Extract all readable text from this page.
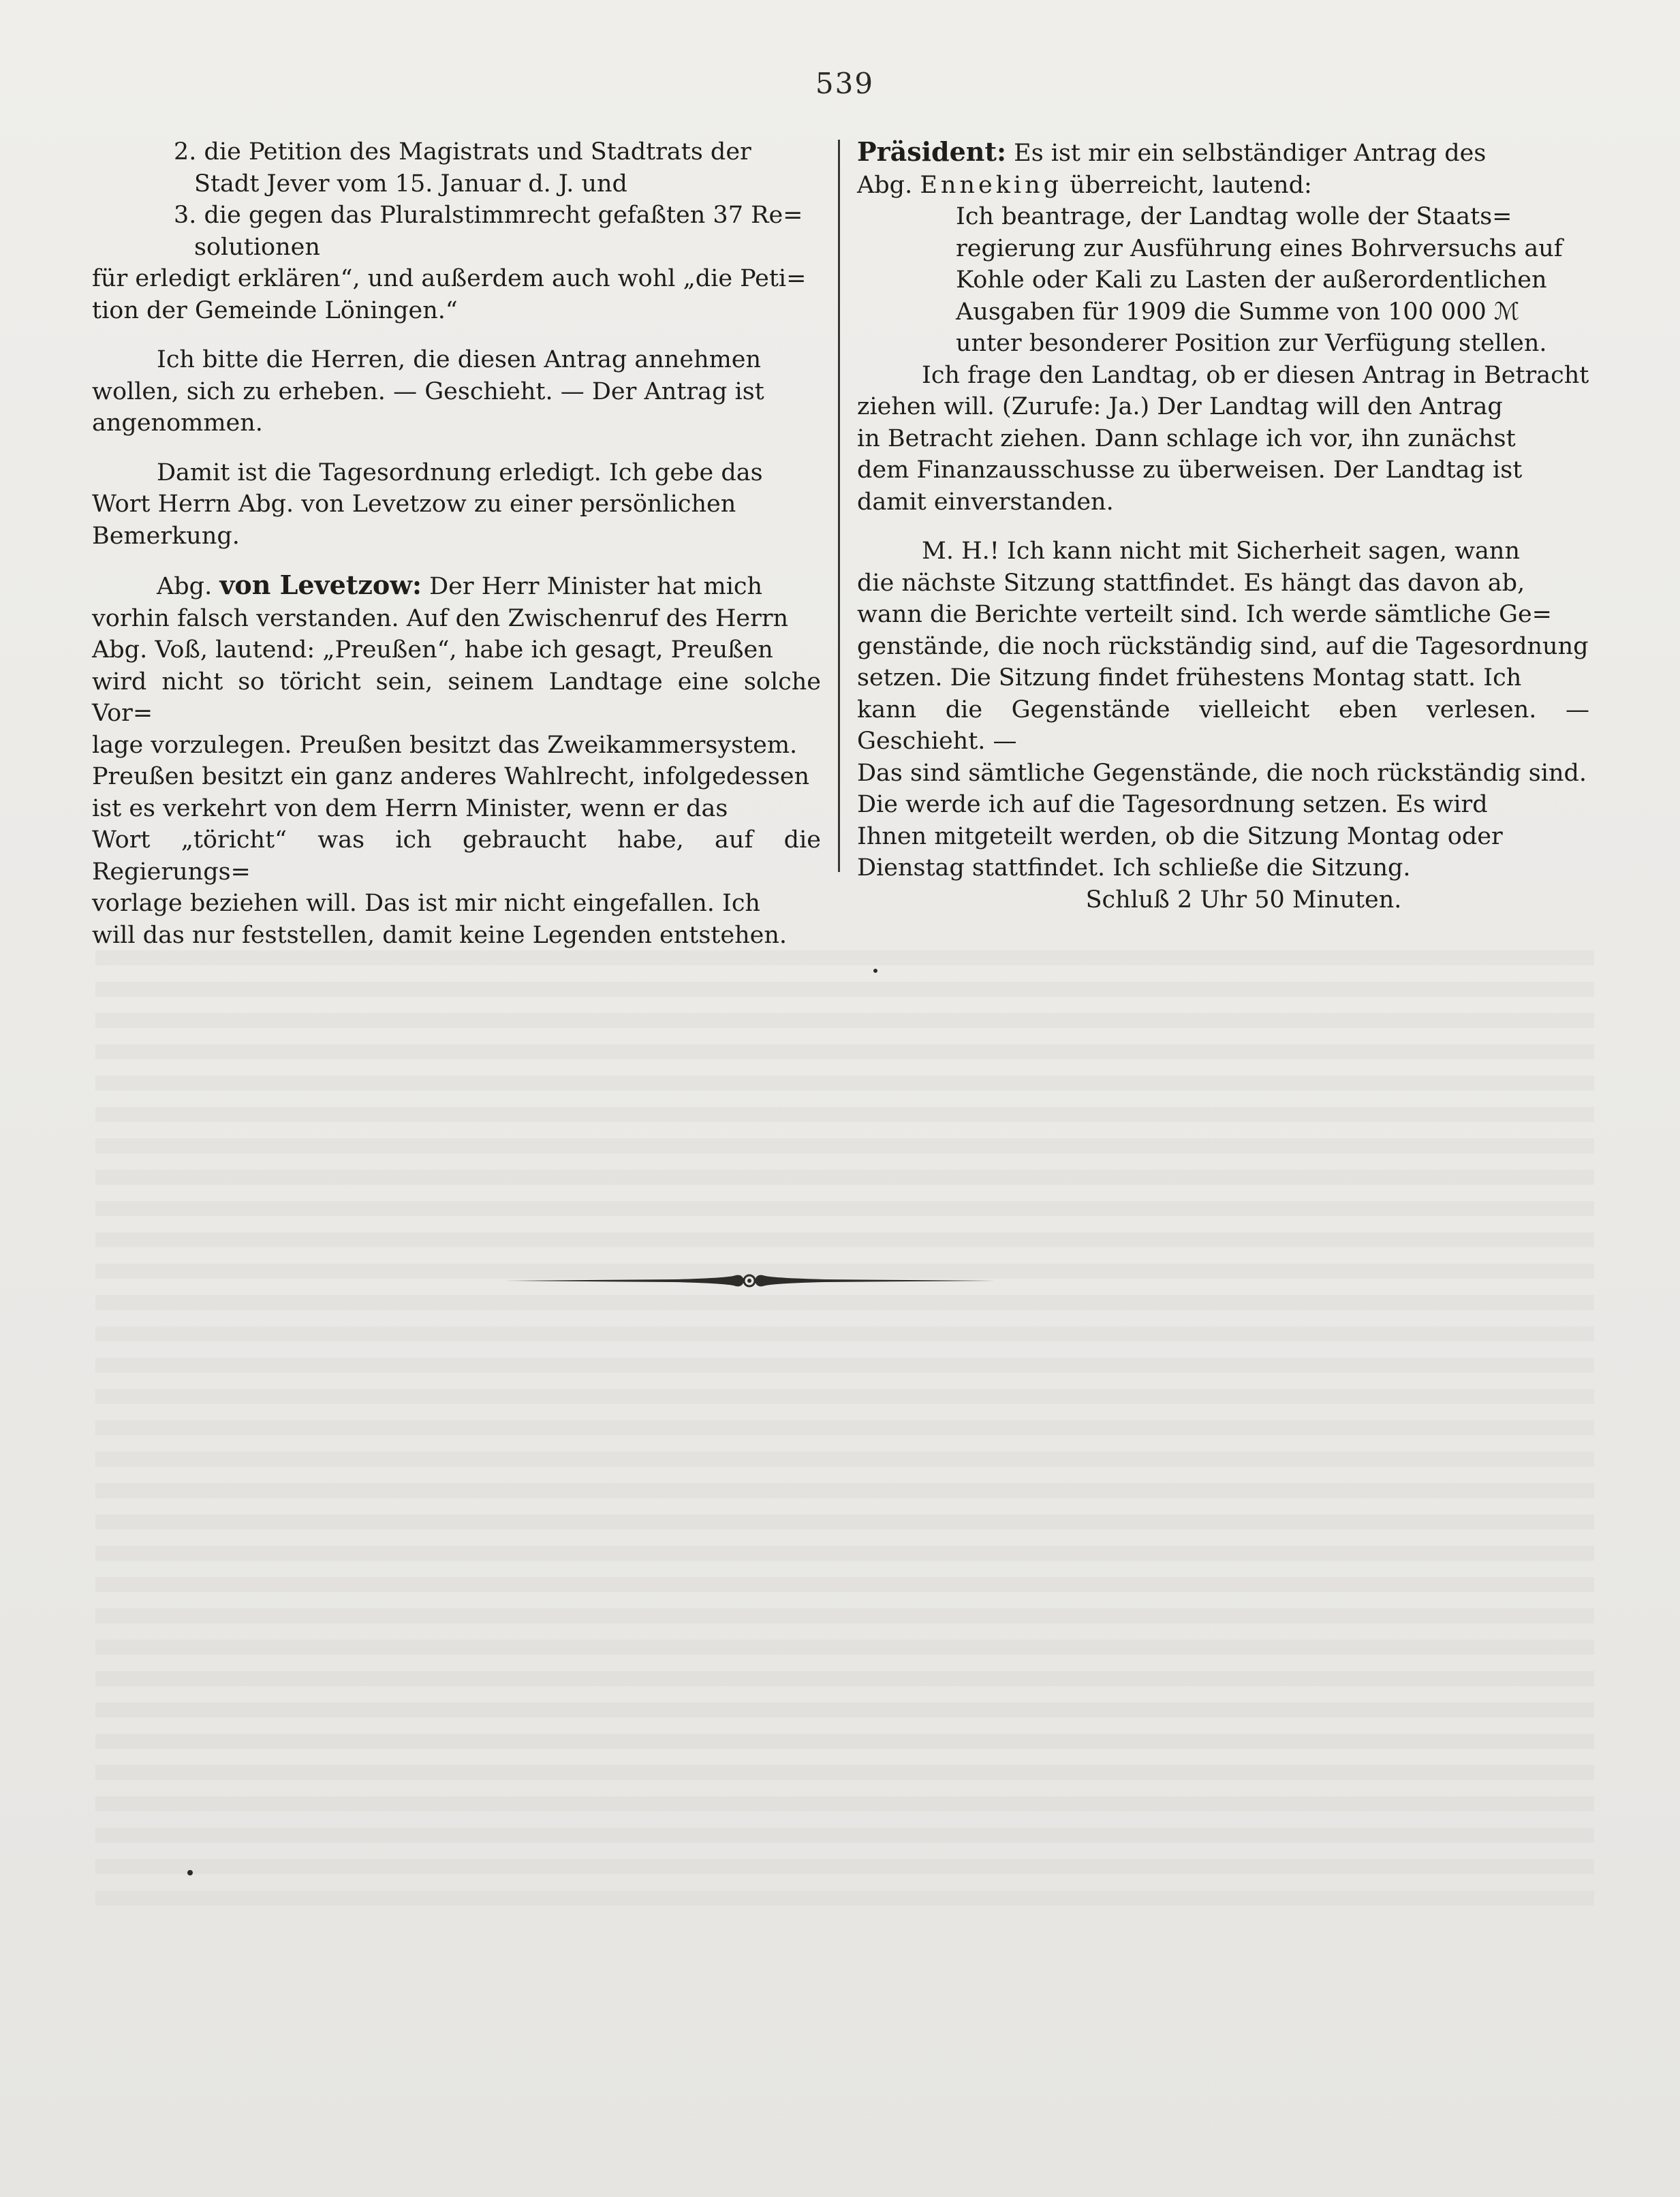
539

2. die Petition des Magistrats und Stadtrats der
Stadt Jever vom 15. Januar d. J. und

3. die gegen das Pluralstimmrecht gefaßten 37 Re=
solutionen

für erledigt erklären“, und außerdem auch wohl „die Peti=
tion der Gemeinde Löningen.“

Ich bitte die Herren, die diesen Antrag annehmen
wollen, sich zu erheben. — Geschieht. — Der Antrag ist
angenommen.

Damit ist die Tagesordnung erledigt. Ich gebe das
Wort Herrn Abg. von Levetzow zu einer persönlichen
Bemerkung.

Abg. von Levetzow: Der Herr Minister hat mich
vorhin falsch verstanden. Auf den Zwischenruf des Herrn
Abg. Voß, lautend: „Preußen“, habe ich gesagt, Preußen
wird nicht so töricht sein, seinem Landtage eine solche Vor=
lage vorzulegen. Preußen besitzt das Zweikammersystem.
Preußen besitzt ein ganz anderes Wahlrecht, infolgedessen
ist es verkehrt von dem Herrn Minister, wenn er das
Wort „töricht“ was ich gebraucht habe, auf die Regierungs=
vorlage beziehen will. Das ist mir nicht eingefallen. Ich
will das nur feststellen, damit keine Legenden entstehen.

Präsident: Es ist mir ein selbständiger Antrag des
Abg. Enneking überreicht, lautend:

Ich beantrage, der Landtag wolle der Staats=
regierung zur Ausführung eines Bohrversuchs auf
Kohle oder Kali zu Lasten der außerordentlichen
Ausgaben für 1909 die Summe von 100 000 ℳ
unter besonderer Position zur Verfügung stellen.

Ich frage den Landtag, ob er diesen Antrag in Betracht
ziehen will. (Zurufe: Ja.) Der Landtag will den Antrag
in Betracht ziehen. Dann schlage ich vor, ihn zunächst
dem Finanzausschusse zu überweisen. Der Landtag ist
damit einverstanden.

M. H.! Ich kann nicht mit Sicherheit sagen, wann
die nächste Sitzung stattfindet. Es hängt das davon ab,
wann die Berichte verteilt sind. Ich werde sämtliche Ge=
genstände, die noch rückständig sind, auf die Tagesordnung
setzen. Die Sitzung findet frühestens Montag statt. Ich
kann die Gegenstände vielleicht eben verlesen. — Geschieht. —
Das sind sämtliche Gegenstände, die noch rückständig sind.
Die werde ich auf die Tagesordnung setzen. Es wird
Ihnen mitgeteilt werden, ob die Sitzung Montag oder
Dienstag stattfindet. Ich schließe die Sitzung.

Schluß 2 Uhr 50 Minuten.
